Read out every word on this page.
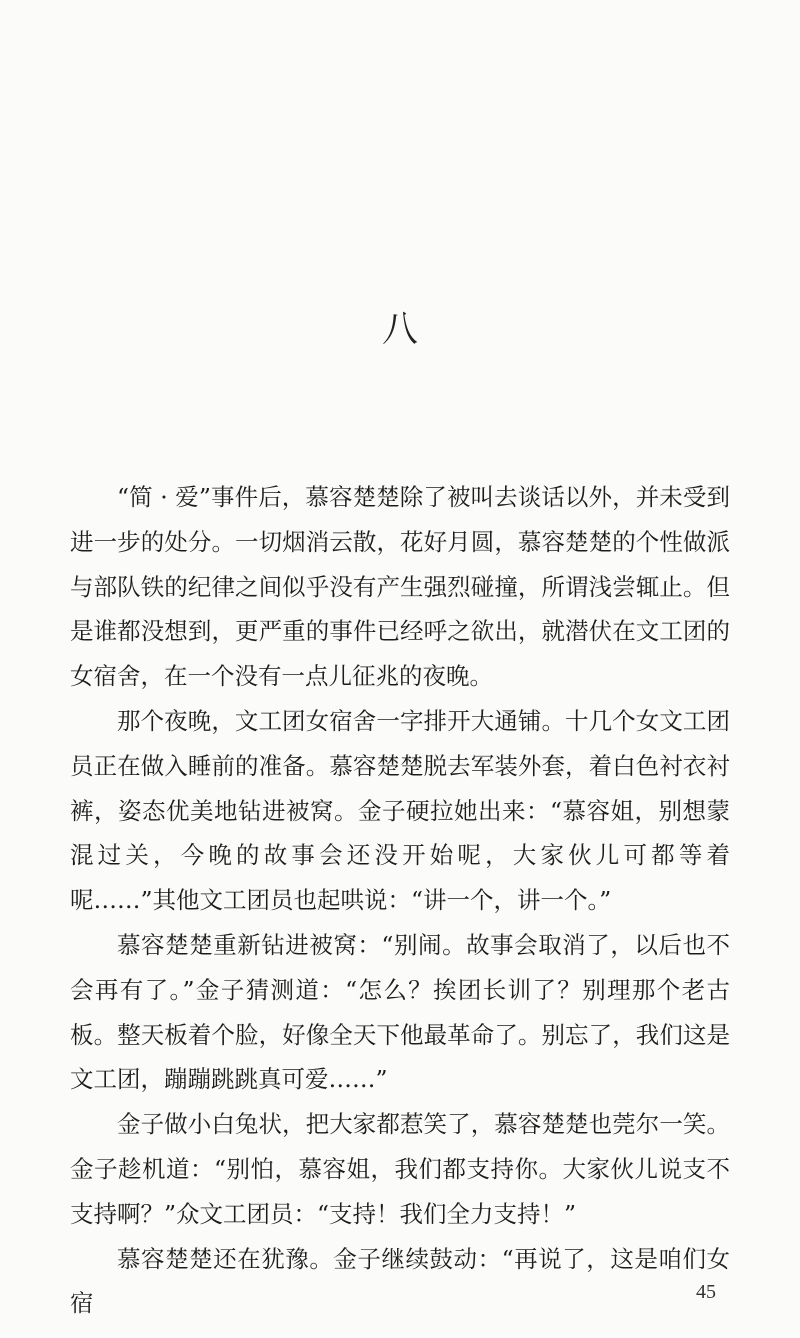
八

“简 · 爱”事件后，慕容楚楚除了被叫去谈话以外，并未受到进一步的处分。一切烟消云散，花好月圆，慕容楚楚的个性做派与部队铁的纪律之间似乎没有产生强烈碰撞，所谓浅尝辄止。但是谁都没想到，更严重的事件已经呼之欲出，就潜伏在文工团的女宿舍，在一个没有一点儿征兆的夜晚。

那个夜晚，文工团女宿舍一字排开大通铺。十几个女文工团员正在做入睡前的准备。慕容楚楚脱去军装外套，着白色衬衣衬裤，姿态优美地钻进被窝。金子硬拉她出来：“慕容姐，别想蒙混过关，今晚的故事会还没开始呢，大家伙儿可都等着呢……”其他文工团员也起哄说：“讲一个，讲一个。”

慕容楚楚重新钻进被窝：“别闹。故事会取消了，以后也不会再有了。”金子猜测道：“怎么？挨团长训了？别理那个老古板。整天板着个脸，好像全天下他最革命了。别忘了，我们这是文工团，蹦蹦跳跳真可爱……”

金子做小白兔状，把大家都惹笑了，慕容楚楚也莞尔一笑。金子趁机道：“别怕，慕容姐，我们都支持你。大家伙儿说支不支持啊？”众文工团员：“支持！我们全力支持！”

慕容楚楚还在犹豫。金子继续鼓动：“再说了，这是咱们女宿	45
